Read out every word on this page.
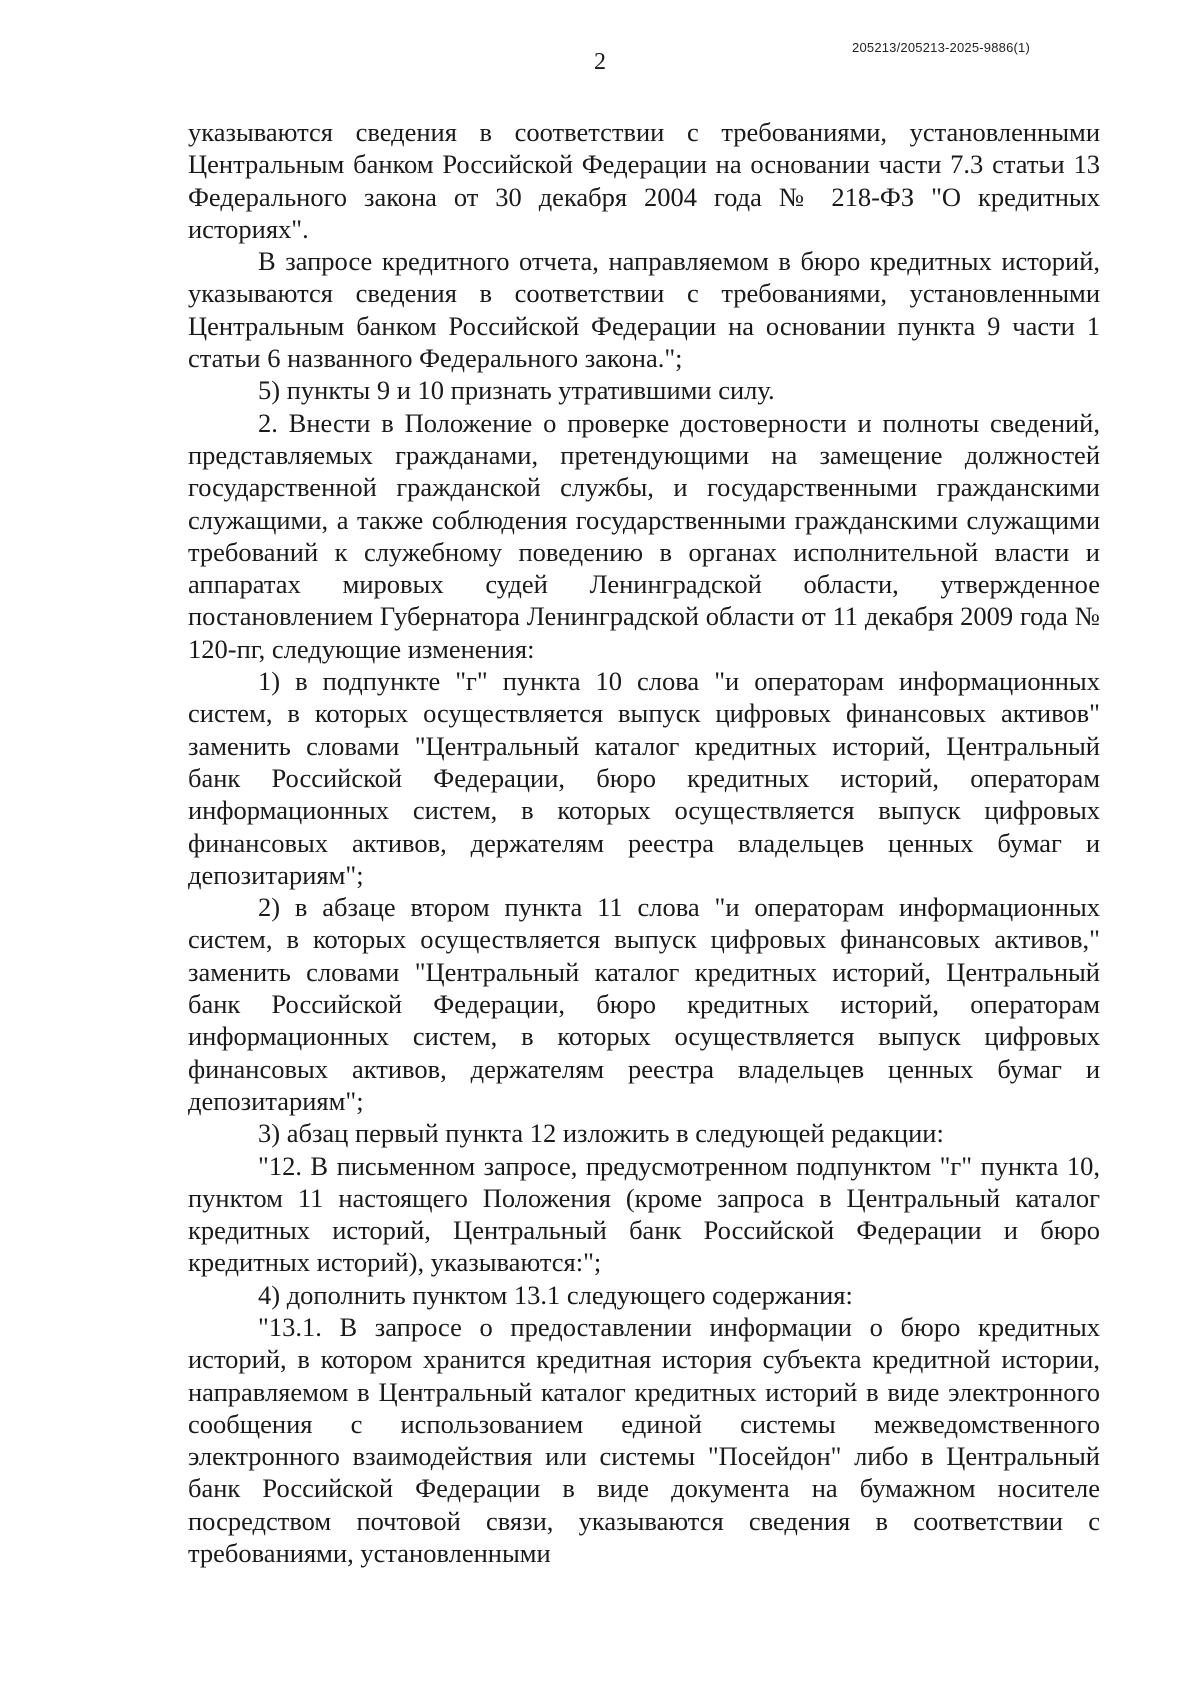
205213/205213-2025-9886(1)
2

указываются сведения в соответствии с требованиями, установленными Центральным банком Российской Федерации на основании части 7.3 статьи 13 Федерального закона от 30 декабря 2004 года № 218-ФЗ "О кредитных историях".

В запросе кредитного отчета, направляемом в бюро кредитных историй, указываются сведения в соответствии с требованиями, установленными Центральным банком Российской Федерации на основании пункта 9 части 1 статьи 6 названного Федерального закона.";

5) пункты 9 и 10 признать утратившими силу.

2. Внести в Положение о проверке достоверности и полноты сведений, представляемых гражданами, претендующими на замещение должностей государственной гражданской службы, и государственными гражданскими служащими, а также соблюдения государственными гражданскими служащими требований к служебному поведению в органах исполнительной власти и аппаратах мировых судей Ленинградской области, утвержденное постановлением Губернатора Ленинградской области от 11 декабря 2009 года № 120-пг, следующие изменения:

1) в подпункте "г" пункта 10 слова "и операторам информационных систем, в которых осуществляется выпуск цифровых финансовых активов" заменить словами "Центральный каталог кредитных историй, Центральный банк Российской Федерации, бюро кредитных историй, операторам информационных систем, в которых осуществляется выпуск цифровых финансовых активов, держателям реестра владельцев ценных бумаг и депозитариям";

2) в абзаце втором пункта 11 слова "и операторам информационных систем, в которых осуществляется выпуск цифровых финансовых активов," заменить словами "Центральный каталог кредитных историй, Центральный банк Российской Федерации, бюро кредитных историй, операторам информационных систем, в которых осуществляется выпуск цифровых финансовых активов, держателям реестра владельцев ценных бумаг и депозитариям";

3) абзац первый пункта 12 изложить в следующей редакции:

"12. В письменном запросе, предусмотренном подпунктом "г" пункта 10, пунктом 11 настоящего Положения (кроме запроса в Центральный каталог кредитных историй, Центральный банк Российской Федерации и бюро кредитных историй), указываются:";

4) дополнить пунктом 13.1 следующего содержания:

"13.1. В запросе о предоставлении информации о бюро кредитных историй, в котором хранится кредитная история субъекта кредитной истории, направляемом в Центральный каталог кредитных историй в виде электронного сообщения с использованием единой системы межведомственного электронного взаимодействия или системы "Посейдон" либо в Центральный банк Российской Федерации в виде документа на бумажном носителе посредством почтовой связи, указываются сведения в соответствии с требованиями, установленными
